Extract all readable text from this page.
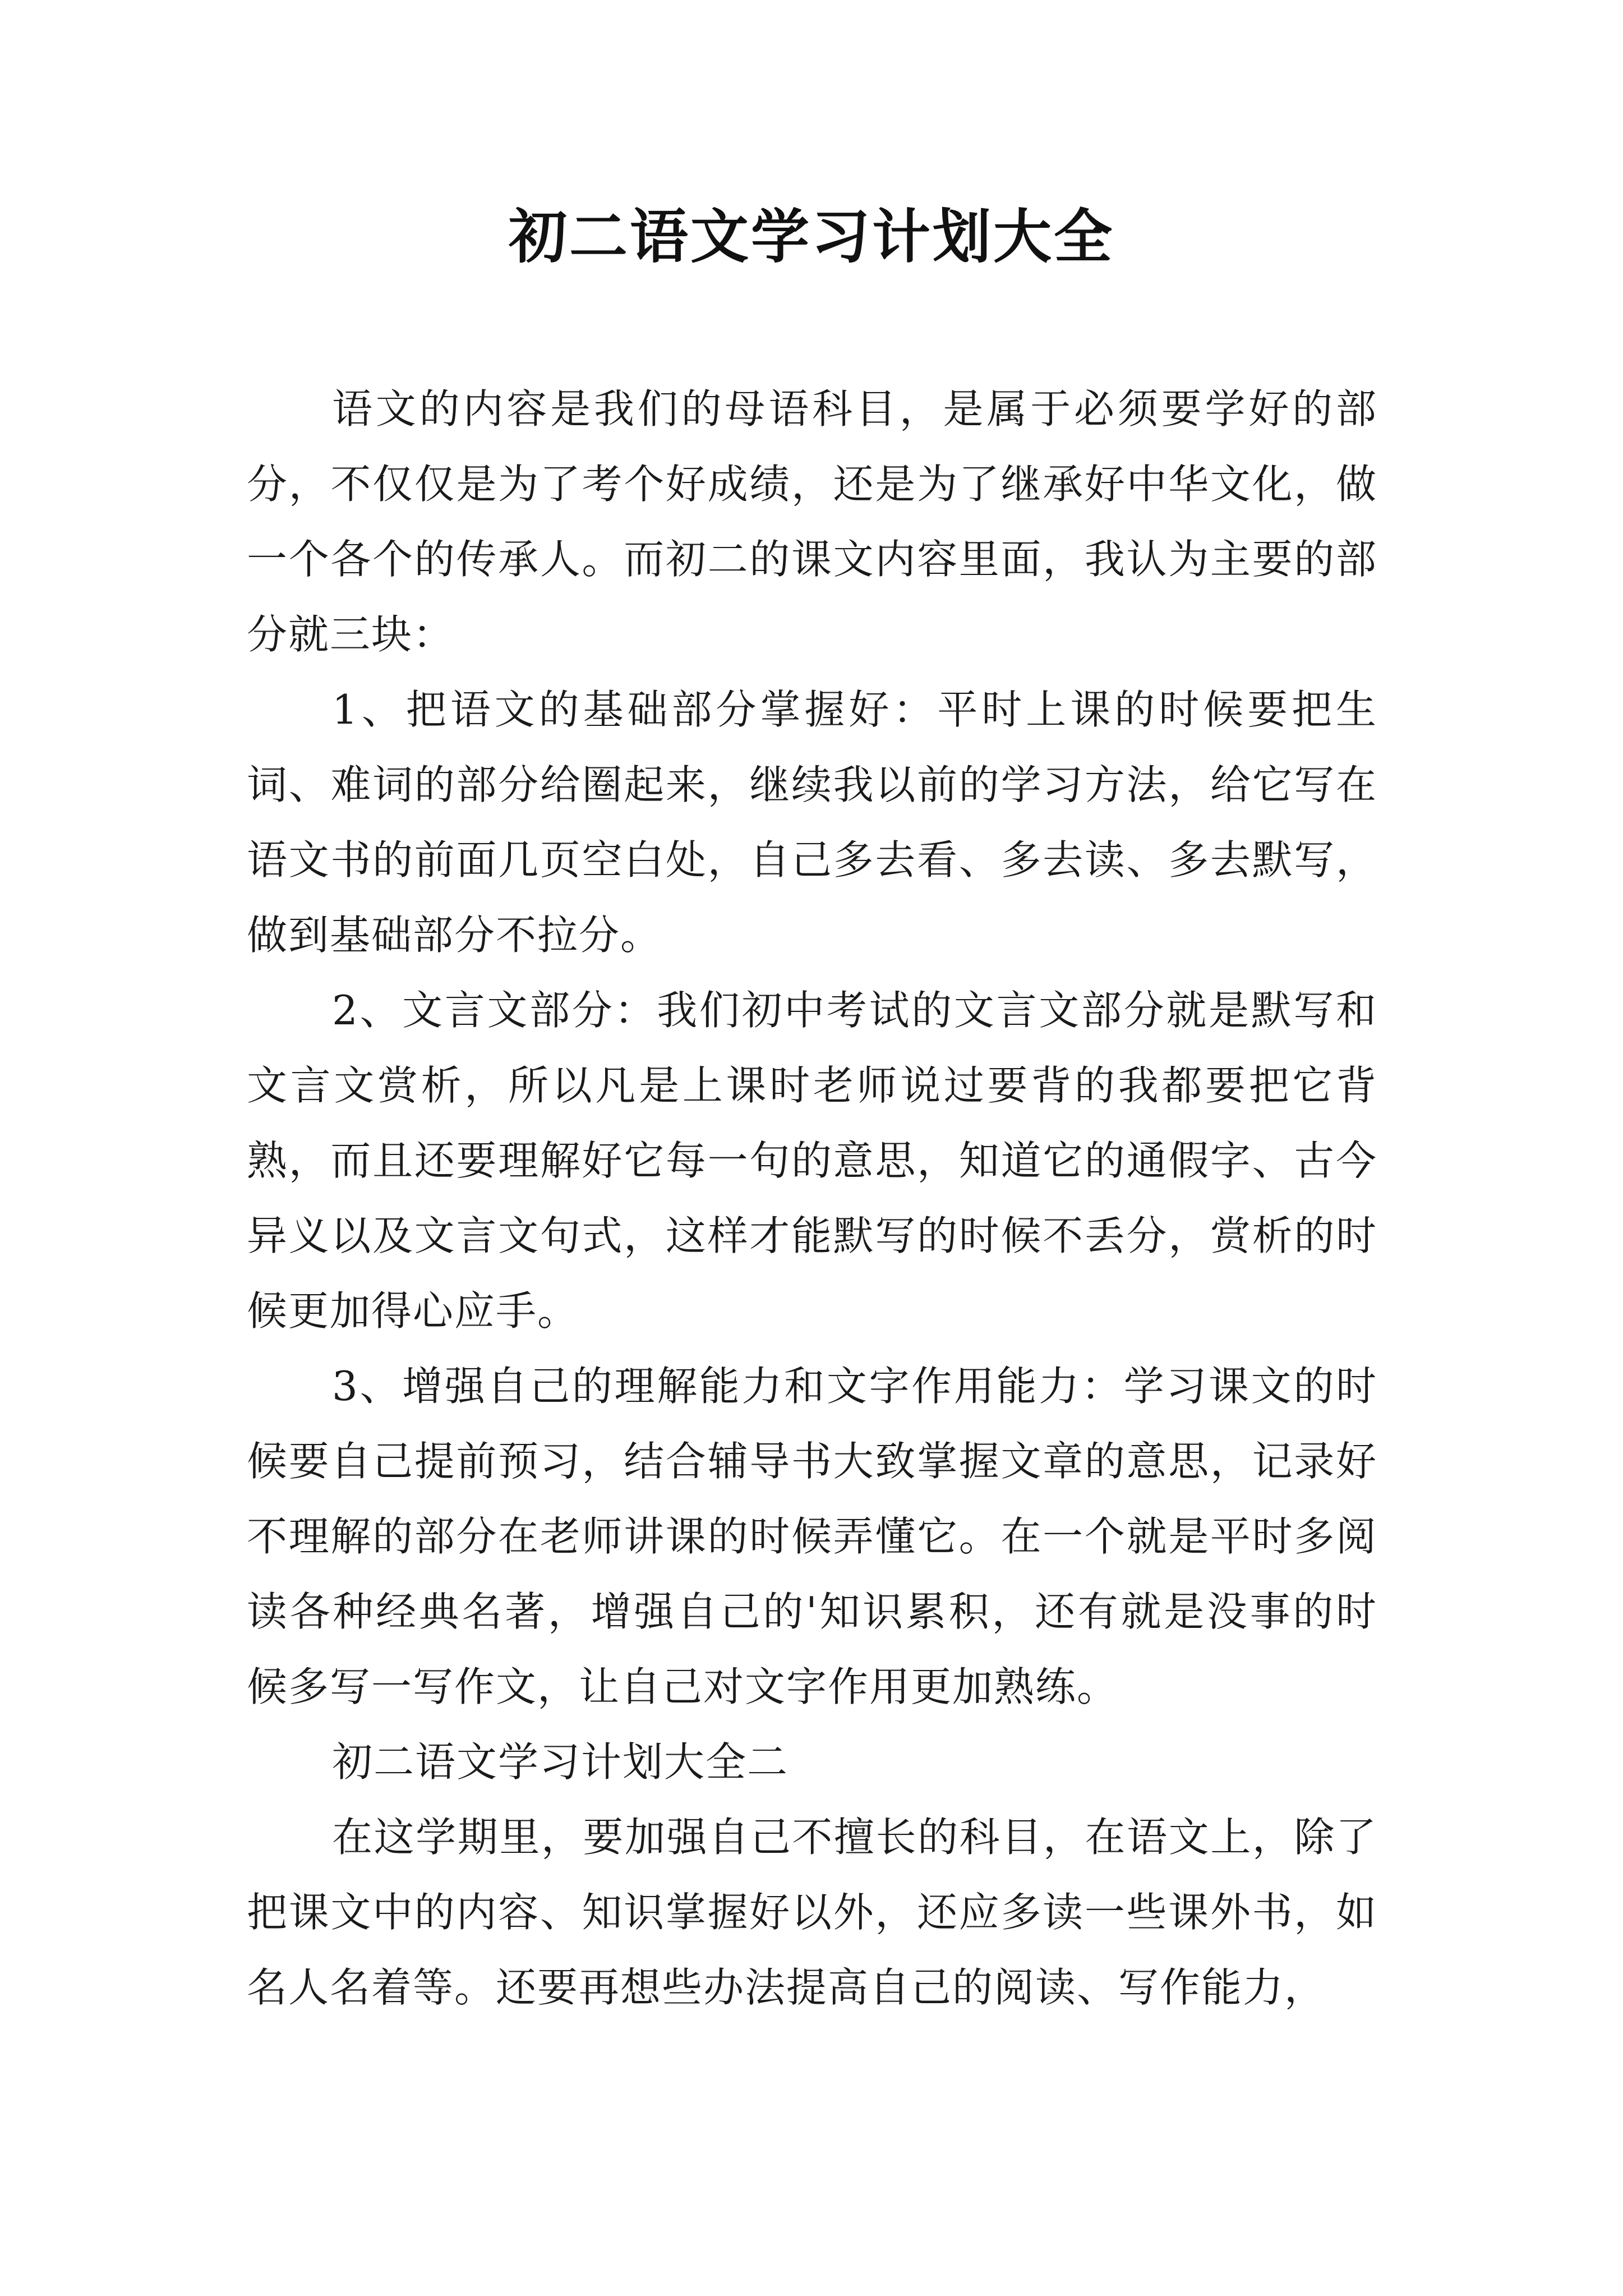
初二语文学习计划大全

语文的内容是我们的母语科目，是属于必须要学好的部分，不仅仅是为了考个好成绩，还是为了继承好中华文化，做一个各个的传承人。而初二的课文内容里面，我认为主要的部分就三块：

1、把语文的基础部分掌握好：平时上课的时候要把生词、难词的部分给圈起来，继续我以前的学习方法，给它写在语文书的前面几页空白处，自己多去看、多去读、多去默写，做到基础部分不拉分。

2、文言文部分：我们初中考试的文言文部分就是默写和文言文赏析，所以凡是上课时老师说过要背的我都要把它背熟，而且还要理解好它每一句的意思，知道它的通假字、古今异义以及文言文句式，这样才能默写的时候不丢分，赏析的时候更加得心应手。

3、增强自己的理解能力和文字作用能力：学习课文的时候要自己提前预习，结合辅导书大致掌握文章的意思，记录好不理解的部分在老师讲课的时候弄懂它。在一个就是平时多阅读各种经典名著，增强自己的'知识累积，还有就是没事的时候多写一写作文，让自己对文字作用更加熟练。

初二语文学习计划大全二

在这学期里，要加强自己不擅长的科目，在语文上，除了把课文中的内容、知识掌握好以外，还应多读一些课外书，如名人名着等。还要再想些办法提高自己的阅读、写作能力，
